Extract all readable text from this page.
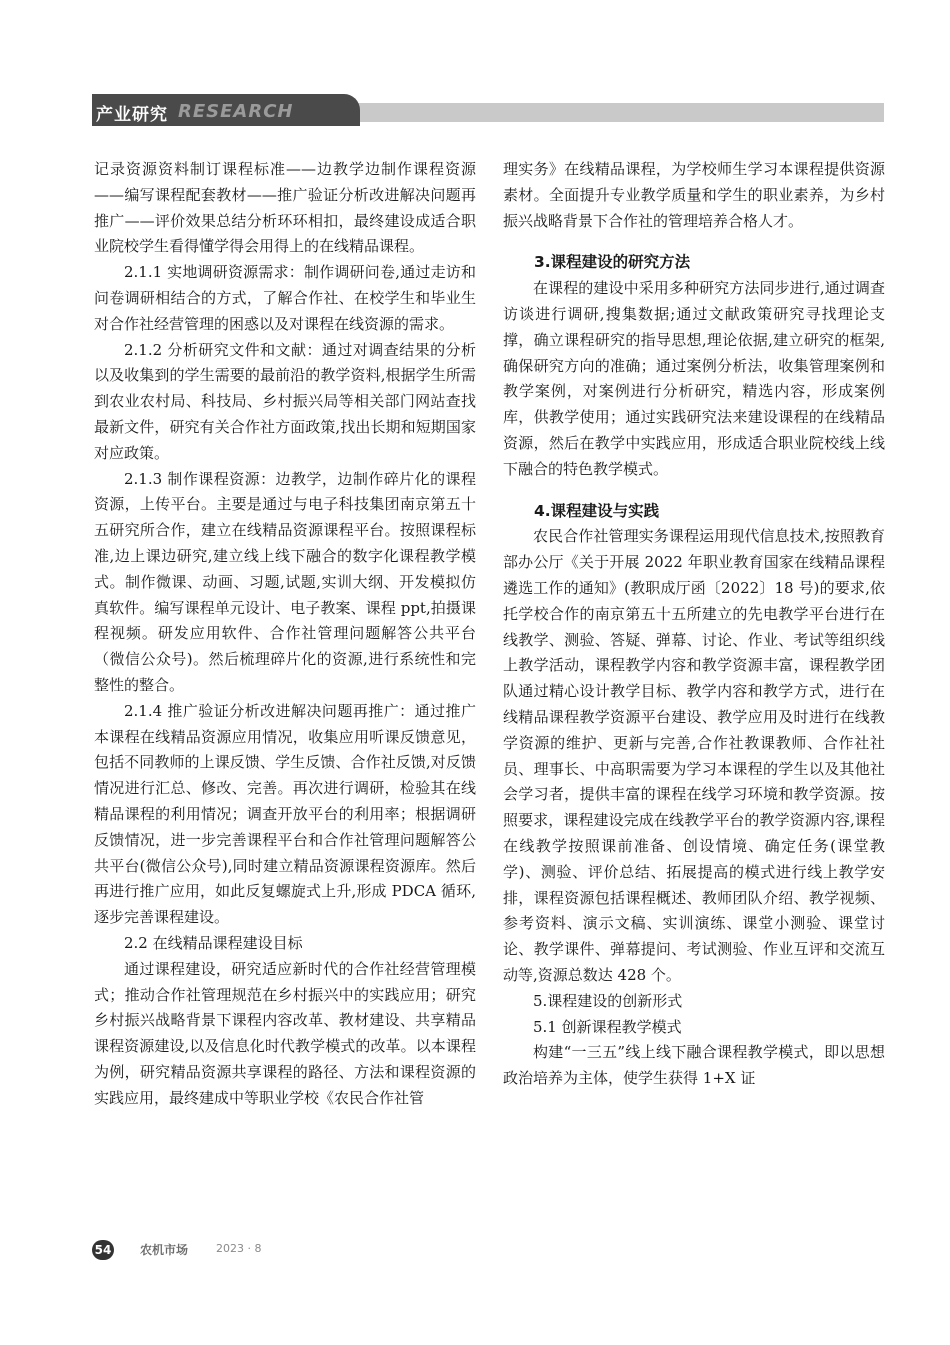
产业研究 RESEARCH

记录资源资料制订课程标准——边教学边制作课程资源——编写课程配套教材——推广验证分析改进解决问题再推广——评价效果总结分析环环相扣，最终建设成适合职业院校学生看得懂学得会用得上的在线精品课程。

2.1.1 实地调研资源需求：制作调研问卷,通过走访和问卷调研相结合的方式，了解合作社、在校学生和毕业生对合作社经营管理的困惑以及对课程在线资源的需求。

2.1.2 分析研究文件和文献：通过对调查结果的分析以及收集到的学生需要的最前沿的教学资料,根据学生所需到农业农村局、科技局、乡村振兴局等相关部门网站查找最新文件，研究有关合作社方面政策,找出长期和短期国家对应政策。

2.1.3 制作课程资源：边教学，边制作碎片化的课程资源，上传平台。主要是通过与电子科技集团南京第五十五研究所合作，建立在线精品资源课程平台。按照课程标准,边上课边研究,建立线上线下融合的数字化课程教学模式。制作微课、动画、习题,试题,实训大纲、开发模拟仿真软件。编写课程单元设计、电子教案、课程 ppt,拍摄课程视频。研发应用软件、合作社管理问题解答公共平台（微信公众号)。然后梳理碎片化的资源,进行系统性和完整性的整合。

2.1.4 推广验证分析改进解决问题再推广：通过推广本课程在线精品资源应用情况，收集应用听课反馈意见，包括不同教师的上课反馈、学生反馈、合作社反馈,对反馈情况进行汇总、修改、完善。再次进行调研，检验其在线精品课程的利用情况；调查开放平台的利用率；根据调研反馈情况，进一步完善课程平台和合作社管理问题解答公共平台(微信公众号),同时建立精品资源课程资源库。然后再进行推广应用，如此反复螺旋式上升,形成 PDCA 循环,逐步完善课程建设。

2.2 在线精品课程建设目标

通过课程建设，研究适应新时代的合作社经营管理模式；推动合作社管理规范在乡村振兴中的实践应用；研究乡村振兴战略背景下课程内容改革、教材建设、共享精品课程资源建设,以及信息化时代教学模式的改革。以本课程为例，研究精品资源共享课程的路径、方法和课程资源的实践应用，最终建成中等职业学校《农民合作社管

理实务》在线精品课程，为学校师生学习本课程提供资源素材。全面提升专业教学质量和学生的职业素养，为乡村振兴战略背景下合作社的管理培养合格人才。

3.课程建设的研究方法

在课程的建设中采用多种研究方法同步进行,通过调查访谈进行调研,搜集数据;通过文献政策研究寻找理论支撑，确立课程研究的指导思想,理论依据,建立研究的框架,确保研究方向的准确；通过案例分析法，收集管理案例和教学案例，对案例进行分析研究，精选内容，形成案例库，供教学使用；通过实践研究法来建设课程的在线精品资源，然后在教学中实践应用，形成适合职业院校线上线下融合的特色教学模式。

4.课程建设与实践

农民合作社管理实务课程运用现代信息技术,按照教育部办公厅《关于开展 2022 年职业教育国家在线精品课程遴选工作的通知》(教职成厅函〔2022〕18 号)的要求,依托学校合作的南京第五十五所建立的先电教学平台进行在线教学、测验、答疑、弹幕、讨论、作业、考试等组织线上教学活动，课程教学内容和教学资源丰富，课程教学团队通过精心设计教学目标、教学内容和教学方式，进行在线精品课程教学资源平台建设、教学应用及时进行在线教学资源的维护、更新与完善,合作社教课教师、合作社社员、理事长、中高职需要为学习本课程的学生以及其他社会学习者，提供丰富的课程在线学习环境和教学资源。按照要求，课程建设完成在线教学平台的教学资源内容,课程在线教学按照课前准备、创设情境、确定任务(课堂教学)、测验、评价总结、拓展提高的模式进行线上教学安排，课程资源包括课程概述、教师团队介绍、教学视频、参考资料、演示文稿、实训演练、课堂小测验、课堂讨论、教学课件、弹幕提问、考试测验、作业互评和交流互动等,资源总数达 428 个。

5.课程建设的创新形式

5.1 创新课程教学模式

构建“一三五”线上线下融合课程教学模式，即以思想政治培养为主体，使学生获得 1+X 证

54 农机市场	2023 · 8
